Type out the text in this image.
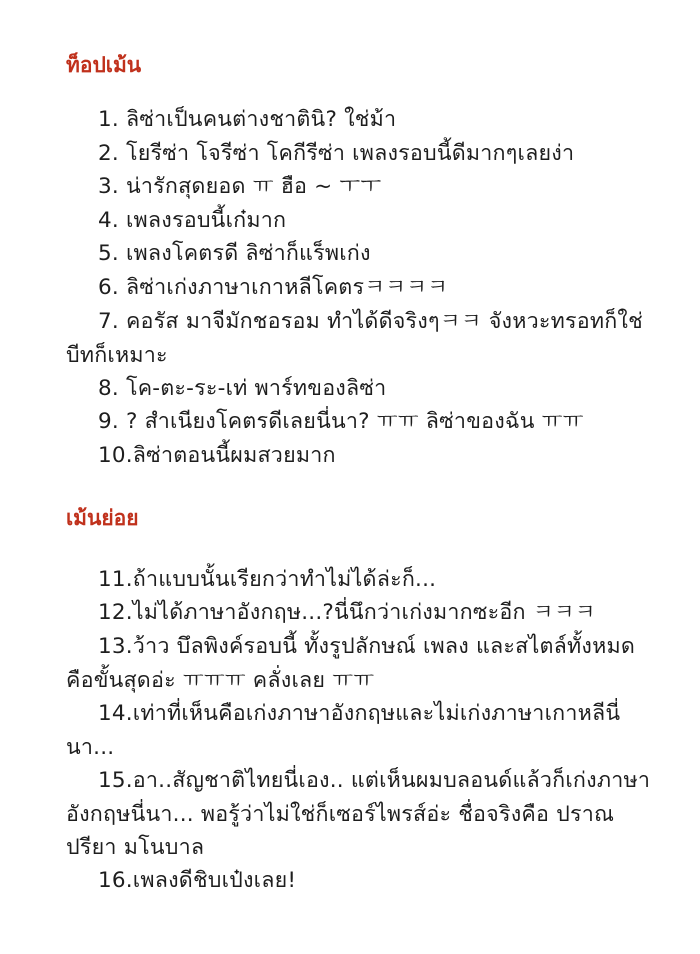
ท็อปเม้น

1. ลิซ่าเป็นคนต่างชาตินิ? ใช่ม้า

2. โยรีซ่า โจรีซ่า โคกีรีซ่า เพลงรอบนี้ดีมากๆเลยง่า

3. น่ารักสุดยอด ㅠ ฮือ ~ ㅜㅜ

4. เพลงรอบนี้เก๋มาก

5. เพลงโคตรดี ลิซ่าก็แร็พเก่ง

6. ลิซ่าเก่งภาษาเกาหลีโคตรㅋㅋㅋㅋ

7. คอรัส มาจีมักชอรอม ทำได้ดีจริงๆㅋㅋ จังหวะทรอทก็ใช่ บีทก็เหมาะ

8. โค-ตะ-ระ-เท่ พาร์ทของลิซ่า

9. ? สำเนียงโคตรดีเลยนี่นา? ㅠㅠ ลิซ่าของฉัน ㅠㅠ

10.ลิซ่าตอนนี้ผมสวยมาก

เม้นย่อย

11.ถ้าแบบนั้นเรียกว่าทำไม่ได้ล่ะก็...

12.ไม่ได้ภาษาอังกฤษ...?นี่นึกว่าเก่งมากซะอีก ㅋㅋㅋ

13.ว้าว บึลพิงค์รอบนี้ ทั้งรูปลักษณ์ เพลง และสไตล์ทั้งหมดคือขั้นสุดอ่ะ ㅠㅠㅠ คลั่งเลย ㅠㅠ

14.เท่าที่เห็นคือเก่งภาษาอังกฤษและไม่เก่งภาษาเกาหลีนี่นา...

15.อา..สัญชาติไทยนี่เอง.. แต่เห็นผมบลอนด์แล้วก็เก่งภาษาอังกฤษนี่นา... พอรู้ว่าไม่ใช่ก็เซอร์ไพรส์อ่ะ ชื่อจริงคือ ปราณปรียา มโนบาล

16.เพลงดีชิบเป๋งเลย!
